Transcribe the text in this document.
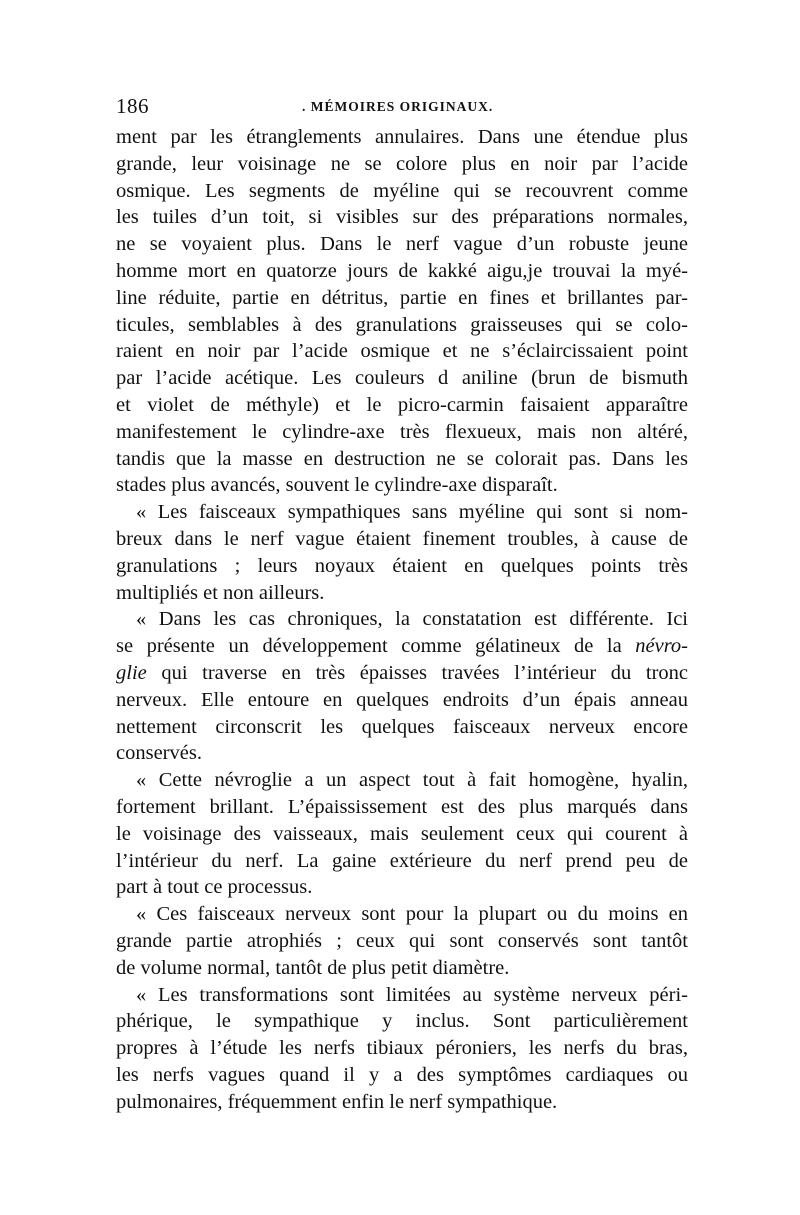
186	. MÉMOIRES ORIGINAUX.

ment par les étranglements annulaires. Dans une étendue plus
grande, leur voisinage ne se colore plus en noir par l’acide
osmique. Les segments de myéline qui se recouvrent comme
les tuiles d’un toit, si visibles sur des préparations normales,
ne se voyaient plus. Dans le nerf vague d’un robuste jeune
homme mort en quatorze jours de kakké aigu,je trouvai la myé-
line réduite, partie en détritus, partie en fines et brillantes par-
ticules, semblables à des granulations graisseuses qui se colo-
raient en noir par l’acide osmique et ne s’éclaircissaient point
par l’acide acétique. Les couleurs d aniline (brun de bismuth
et violet de méthyle) et le picro-carmin faisaient apparaître
manifestement le cylindre-axe très flexueux, mais non altéré,
tandis que la masse en destruction ne se colorait pas. Dans les
stades plus avancés, souvent le cylindre-axe disparaît.

« Les faisceaux sympathiques sans myéline qui sont si nom-
breux dans le nerf vague étaient finement troubles, à cause de
granulations ; leurs noyaux étaient en quelques points très
multipliés et non ailleurs.

« Dans les cas chroniques, la constatation est différente. Ici
se présente un développement comme gélatineux de la névro-
glie qui traverse en très épaisses travées l’intérieur du tronc
nerveux. Elle entoure en quelques endroits d’un épais anneau
nettement circonscrit les quelques faisceaux nerveux encore
conservés.

« Cette névroglie a un aspect tout à fait homogène, hyalin,
fortement brillant. L’épaississement est des plus marqués dans
le voisinage des vaisseaux, mais seulement ceux qui courent à
l’intérieur du nerf. La gaine extérieure du nerf prend peu de
part à tout ce processus.

« Ces faisceaux nerveux sont pour la plupart ou du moins en
grande partie atrophiés ; ceux qui sont conservés sont tantôt
de volume normal, tantôt de plus petit diamètre.

« Les transformations sont limitées au système nerveux péri-
phérique, le sympathique y inclus. Sont particulièrement
propres à l’étude les nerfs tibiaux péroniers, les nerfs du bras,
les nerfs vagues quand il y a des symptômes cardiaques ou
pulmonaires, fréquemment enfin le nerf sympathique.
